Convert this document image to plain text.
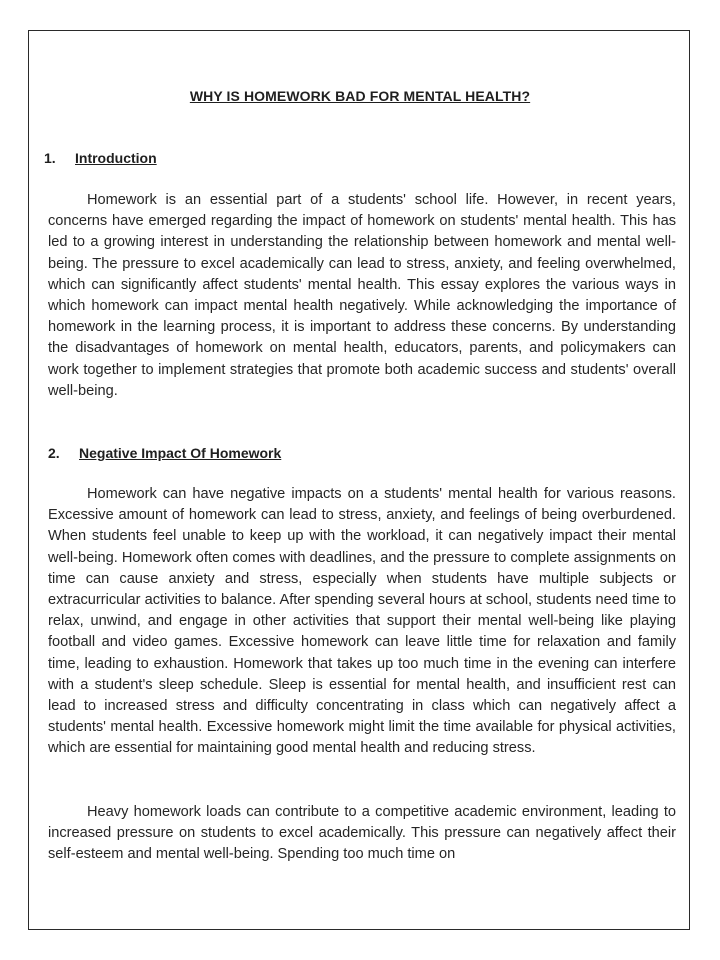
WHY IS HOMEWORK BAD FOR MENTAL HEALTH?
1. Introduction

Homework is an essential part of a students' school life. However, in recent years, concerns have emerged regarding the impact of homework on students' mental health. This has led to a growing interest in understanding the relationship between homework and mental well-being. The pressure to excel academically can lead to stress, anxiety, and feeling overwhelmed, which can significantly affect students' mental health. This essay explores the various ways in which homework can impact mental health negatively. While acknowledging the importance of homework in the learning process, it is important to address these concerns. By understanding the disadvantages of homework on mental health, educators, parents, and policymakers can work together to implement strategies that promote both academic success and students' overall well-being.

2. Negative Impact Of Homework

Homework can have negative impacts on a students' mental health for various reasons. Excessive amount of homework can lead to stress, anxiety, and feelings of being overburdened. When students feel unable to keep up with the workload, it can negatively impact their mental well-being. Homework often comes with deadlines, and the pressure to complete assignments on time can cause anxiety and stress, especially when students have multiple subjects or extracurricular activities to balance. After spending several hours at school, students need time to relax, unwind, and engage in other activities that support their mental well-being like playing football and video games. Excessive homework can leave little time for relaxation and family time, leading to exhaustion. Homework that takes up too much time in the evening can interfere with a student's sleep schedule. Sleep is essential for mental health, and insufficient rest can lead to increased stress and difficulty concentrating in class which can negatively affect a students' mental health. Excessive homework might limit the time available for physical activities, which are essential for maintaining good mental health and reducing stress.

Heavy homework loads can contribute to a competitive academic environment, leading to increased pressure on students to excel academically. This pressure can negatively affect their self-esteem and mental well-being. Spending too much time on
